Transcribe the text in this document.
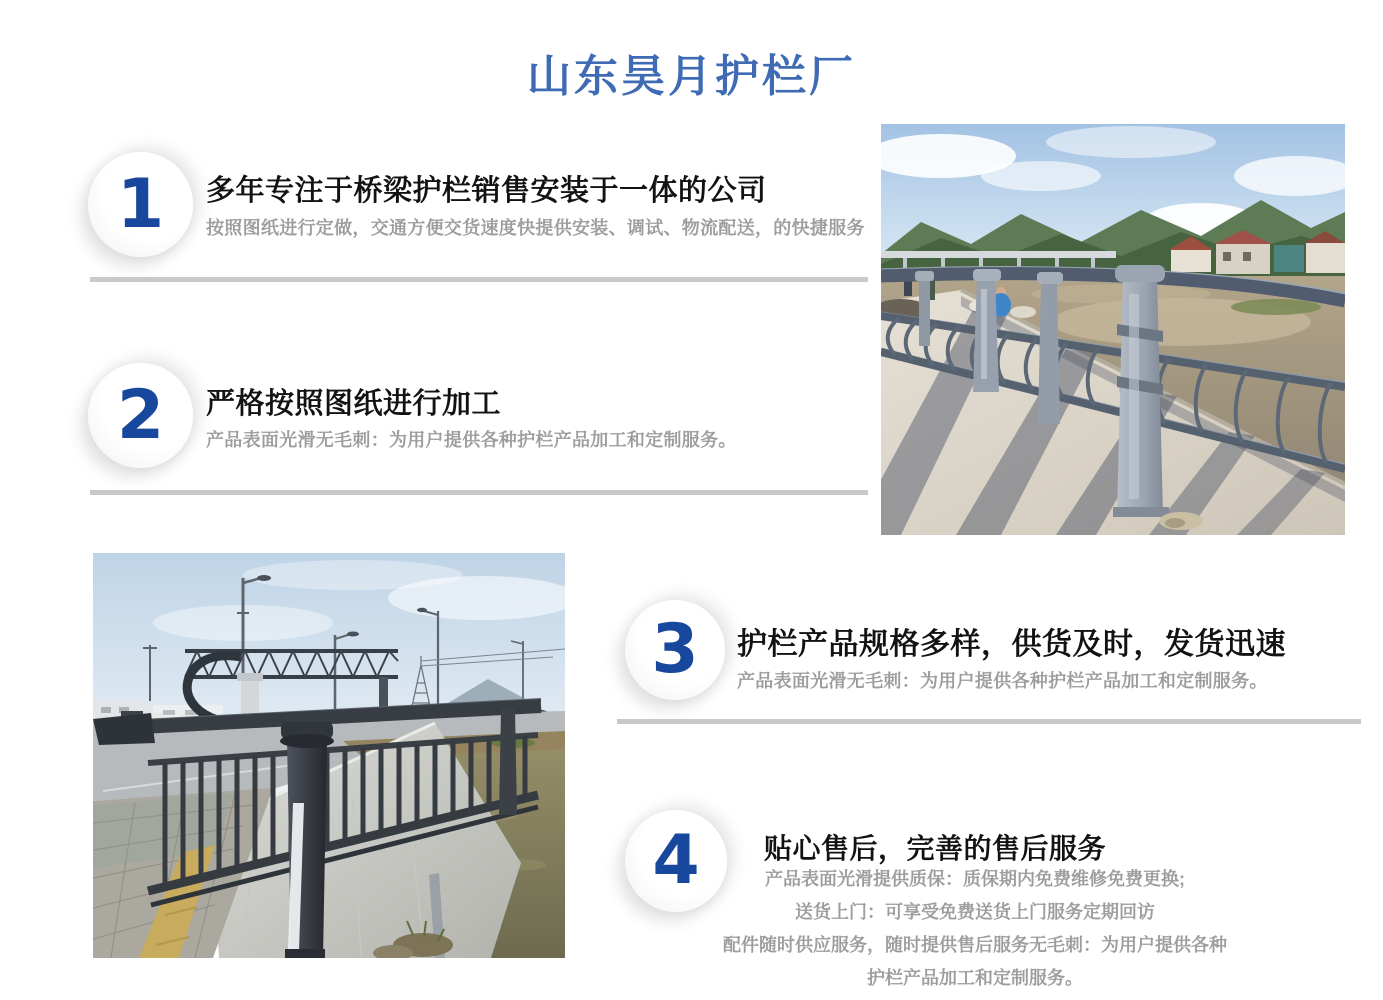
山东昊月护栏厂
1 多年专注于桥梁护栏销售安装于一体的公司
按照图纸进行定做，交通方便交货速度快提供安装、调试、物流配送，的快捷服务
2 严格按照图纸进行加工
产品表面光滑无毛刺：为用户提供各种护栏产品加工和定制服务。
3 护栏产品规格多样，供货及时，发货迅速
产品表面光滑无毛刺：为用户提供各种护栏产品加工和定制服务。
4	贴心售后，完善的售后服务
产品表面光滑提供质保：质保期内免费维修免费更换;
送货上门：可享受免费送货上门服务定期回访
配件随时供应服务，随时提供售后服务无毛刺：为用户提供各种
护栏产品加工和定制服务。
